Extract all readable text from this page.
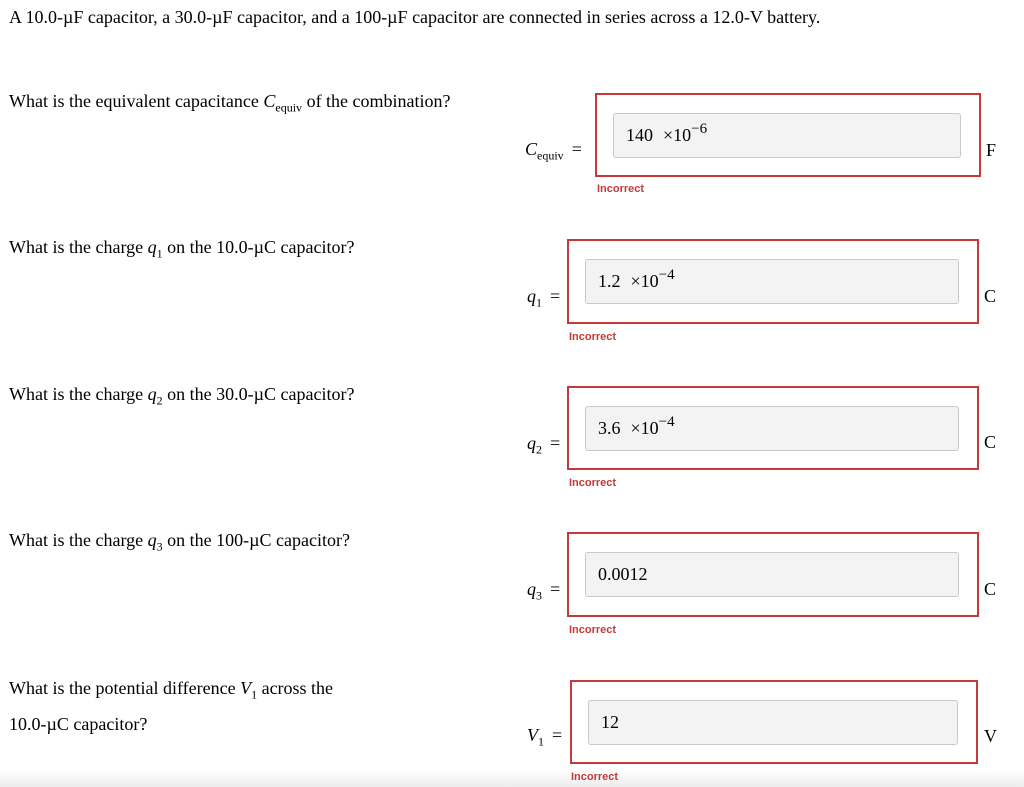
A 10.0-µF capacitor, a 30.0-µF capacitor, and a 100-µF capacitor are connected in series across a 12.0-V battery.
What is the equivalent capacitance $C_{equiv}$ of the combination?
$C_{equiv}$ =
$140 \times 10^{-6}$
F
Incorrect
What is the charge $q_1$ on the 10.0-µC capacitor?
$q_1$ =
$1.2 \times 10^{-4}$
C
Incorrect
What is the charge $q_2$ on the 30.0-µC capacitor?
$q_2$ =
$3.6 \times 10^{-4}$
C
Incorrect
What is the charge $q_3$ on the 100-µC capacitor?
$q_3$ =
0.0012
C
Incorrect
What is the potential difference $V_1$ across the
10.0-µC capacitor?
$V_1$ =
12
V
Incorrect
